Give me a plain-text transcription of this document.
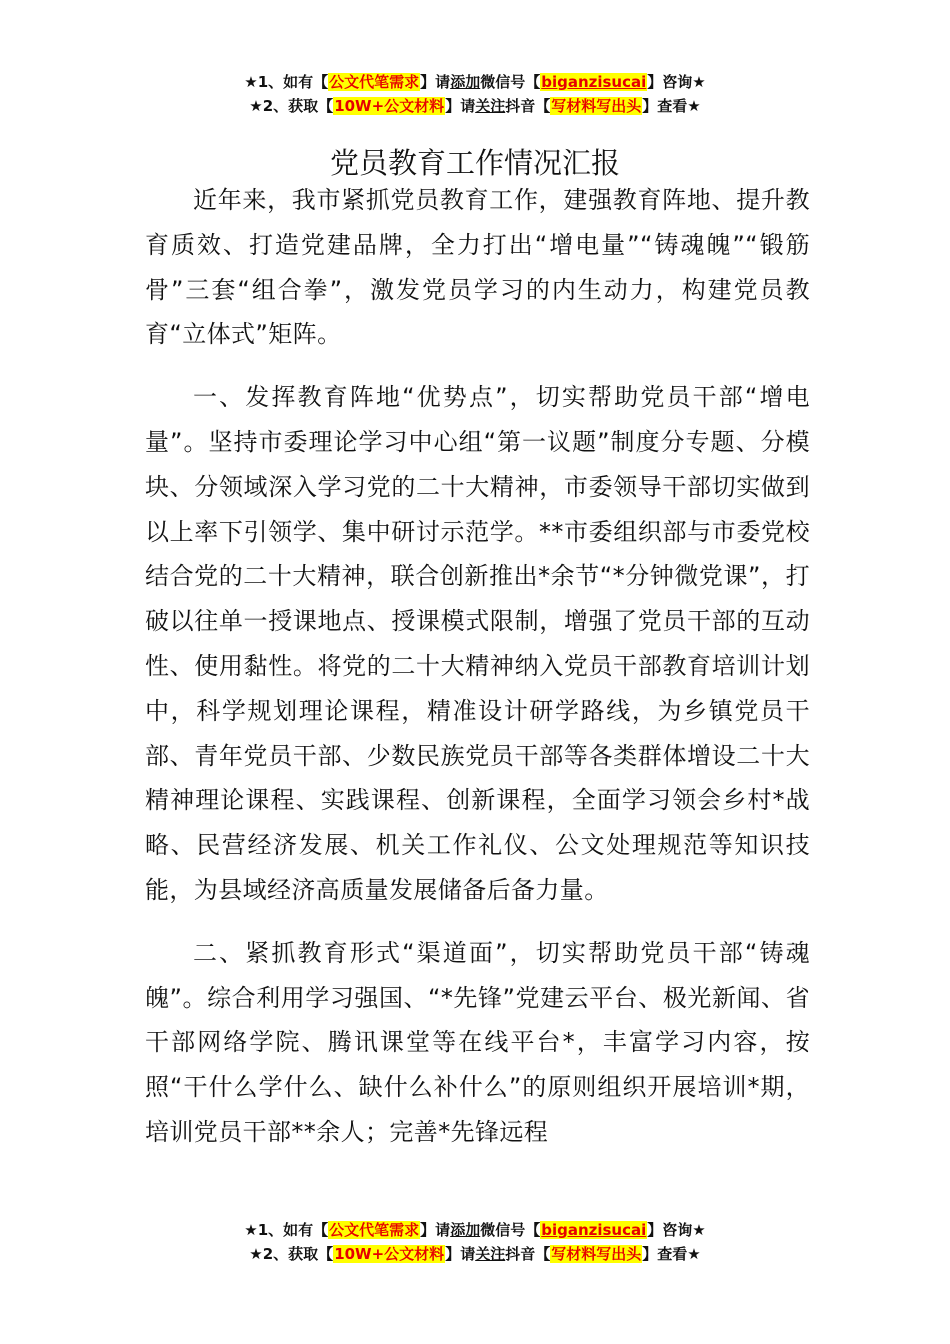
★1、如有【公文代笔需求】请添加微信号【biganzisucai】咨询★
★2、获取【10W+公文材料】请关注抖音【写材料写出头】查看★
党员教育工作情况汇报

近年来，我市紧抓党员教育工作，建强教育阵地、提升教育质效、打造党建品牌，全力打出“增电量”“铸魂魄”“锻筋骨”三套“组合拳”，激发党员学习的内生动力，构建党员教育“立体式”矩阵。

一、发挥教育阵地“优势点”，切实帮助党员干部“增电量”。坚持市委理论学习中心组“第一议题”制度分专题、分模块、分领域深入学习党的二十大精神，市委领导干部切实做到以上率下引领学、集中研讨示范学。**市委组织部与市委党校结合党的二十大精神，联合创新推出*余节“*分钟微党课”，打破以往单一授课地点、授课模式限制，增强了党员干部的互动性、使用黏性。将党的二十大精神纳入党员干部教育培训计划中，科学规划理论课程，精准设计研学路线，为乡镇党员干部、青年党员干部、少数民族党员干部等各类群体增设二十大精神理论课程、实践课程、创新课程，全面学习领会乡村*战略、民营经济发展、机关工作礼仪、公文处理规范等知识技能，为县域经济高质量发展储备后备力量。

二、紧抓教育形式“渠道面”，切实帮助党员干部“铸魂魄”。综合利用学习强国、“*先锋”党建云平台、极光新闻、省干部网络学院、腾讯课堂等在线平台*，丰富学习内容，按照“干什么学什么、缺什么补什么”的原则组织开展培训*期，培训党员干部**余人；完善*先锋远程

★1、如有【公文代笔需求】请添加微信号【biganzisucai】咨询★
★2、获取【10W+公文材料】请关注抖音【写材料写出头】查看★
